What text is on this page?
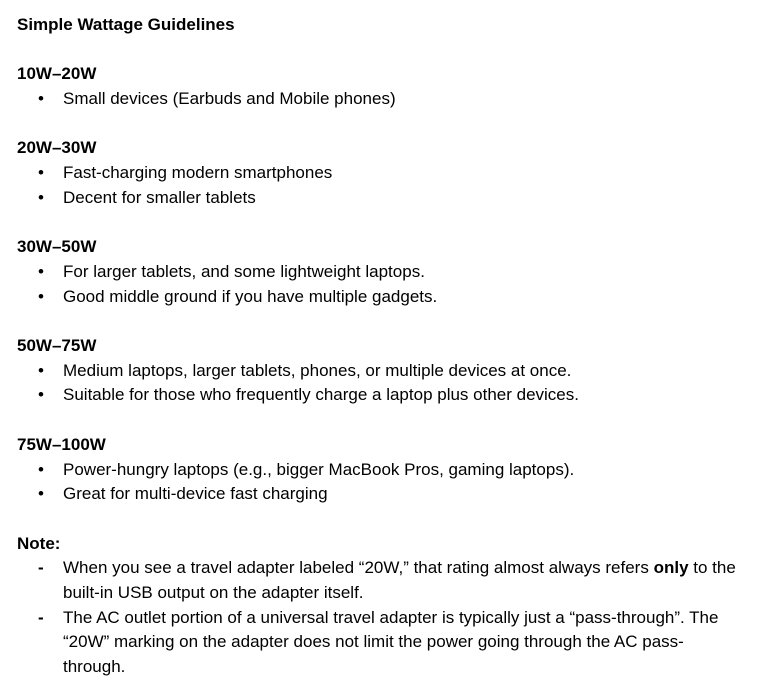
Simple Wattage Guidelines

10W–20W

•	Small devices (Earbuds and Mobile phones)

20W–30W

•	Fast-charging modern smartphones
•	Decent for smaller tablets

30W–50W

•	For larger tablets, and some lightweight laptops.
•	Good middle ground if you have multiple gadgets.

50W–75W

•	Medium laptops, larger tablets, phones, or multiple devices at once.
•	Suitable for those who frequently charge a laptop plus other devices.

75W–100W

•	Power-hungry laptops (e.g., bigger MacBook Pros, gaming laptops).
•	Great for multi-device fast charging

Note:

-	When you see a travel adapter labeled “20W,” that rating almost always refers only to the built-in USB output on the adapter itself.
-	The AC outlet portion of a universal travel adapter is typically just a “pass-through”. The “20W” marking on the adapter does not limit the power going through the AC pass-through.
